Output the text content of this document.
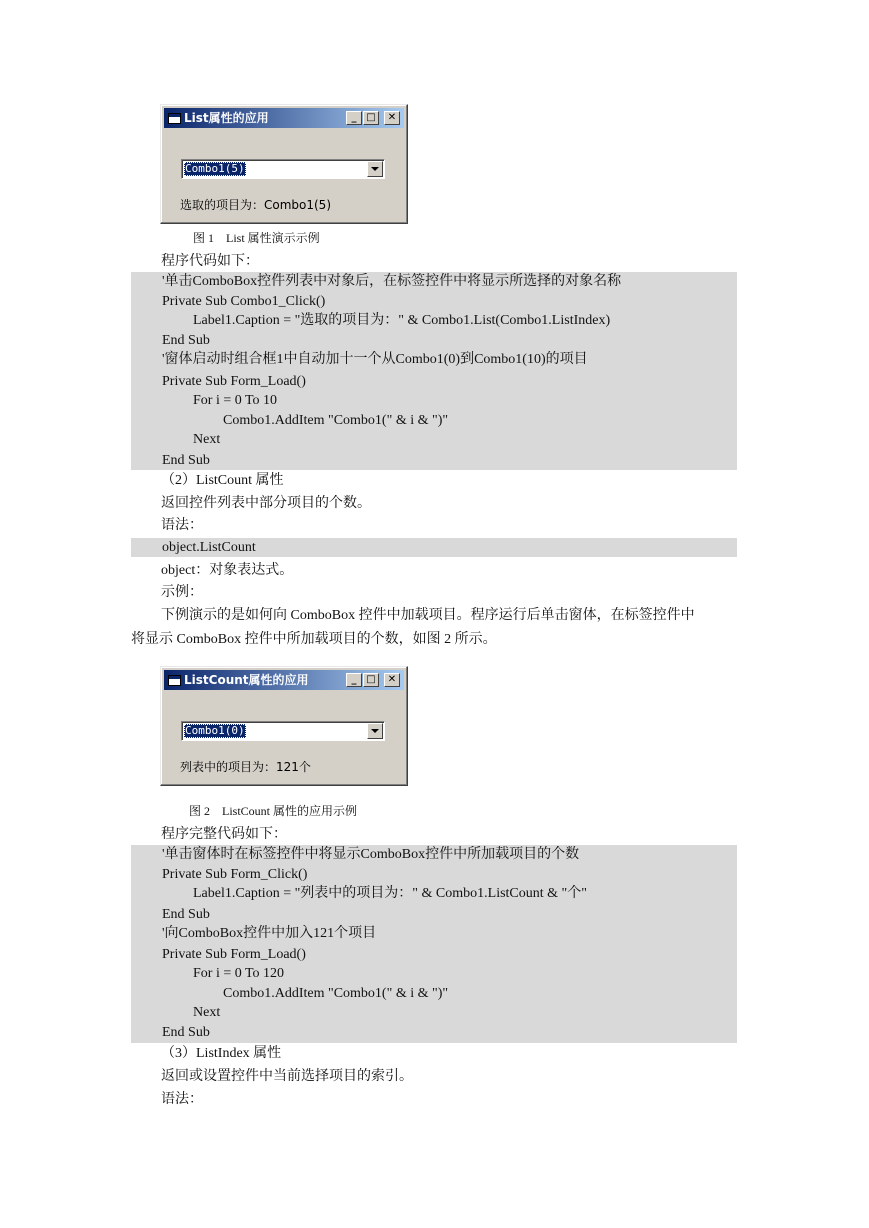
List属性的应用	_ □	✕
Combo1(5)
选取的项目为：Combo1(5)
图 1　List 属性演示示例
程序代码如下：
'单击ComboBox控件列表中对象后，在标签控件中将显示所选择的对象名称
Private Sub Combo1_Click()
Label1.Caption = "选取的项目为：" & Combo1.List(Combo1.ListIndex)
End Sub
'窗体启动时组合框1中自动加十一个从Combo1(0)到Combo1(10)的项目
Private Sub Form_Load()
For i = 0 To 10
Combo1.AddItem "Combo1(" & i & ")"
Next
End Sub
（2）ListCount 属性
返回控件列表中部分项目的个数。
语法：
object.ListCount
object：对象表达式。
示例：
下例演示的是如何向 ComboBox 控件中加载项目。程序运行后单击窗体，在标签控件中
将显示 ComboBox 控件中所加载项目的个数，如图 2 所示。
ListCount属性的应用	_ □	✕
Combo1(0)
列表中的项目为：121个
图 2　ListCount 属性的应用示例
程序完整代码如下：
'单击窗体时在标签控件中将显示ComboBox控件中所加载项目的个数
Private Sub Form_Click()
Label1.Caption = "列表中的项目为：" & Combo1.ListCount & "个"
End Sub
'向ComboBox控件中加入121个项目
Private Sub Form_Load()
For i = 0 To 120
Combo1.AddItem "Combo1(" & i & ")"
Next
End Sub
（3）ListIndex 属性
返回或设置控件中当前选择项目的索引。
语法：
